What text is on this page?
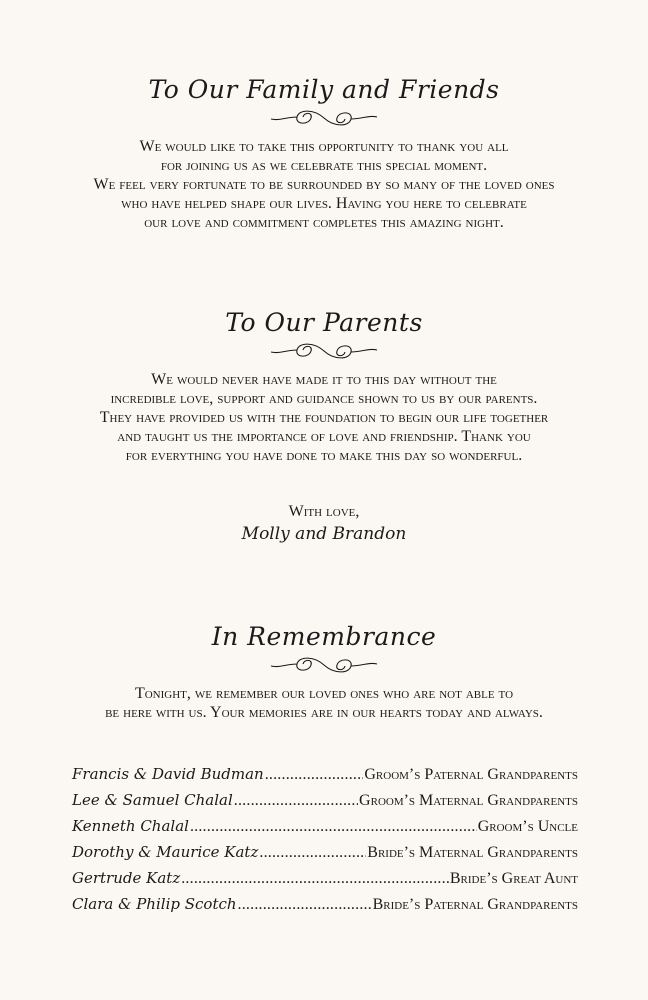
To Our Family and Friends
We would like to take this opportunity to thank you all
for joining us as we celebrate this special moment.
We feel very fortunate to be surrounded by so many of the loved ones
who have helped shape our lives. Having you here to celebrate
our love and commitment completes this amazing night.
To Our Parents
We would never have made it to this day without the
incredible love, support and guidance shown to us by our parents.
They have provided us with the foundation to begin our life together
and taught us the importance of love and friendship. Thank you
for everything you have done to make this day so wonderful.
With love,
Molly and Brandon
In Remembrance
Tonight, we remember our loved ones who are not able to
be here with us. Your memories are in our hearts today and always.
Francis & David Budman .....	Groom’s Paternal Grandparents
Lee & Samuel Chalal .....	Groom’s Maternal Grandparents
Kenneth Chalal .....	Groom’s Uncle
Dorothy & Maurice Katz .....	Bride’s Maternal Grandparents
Gertrude Katz .....	Bride’s Great Aunt
Clara & Philip Scotch .....	Bride’s Paternal Grandparents
